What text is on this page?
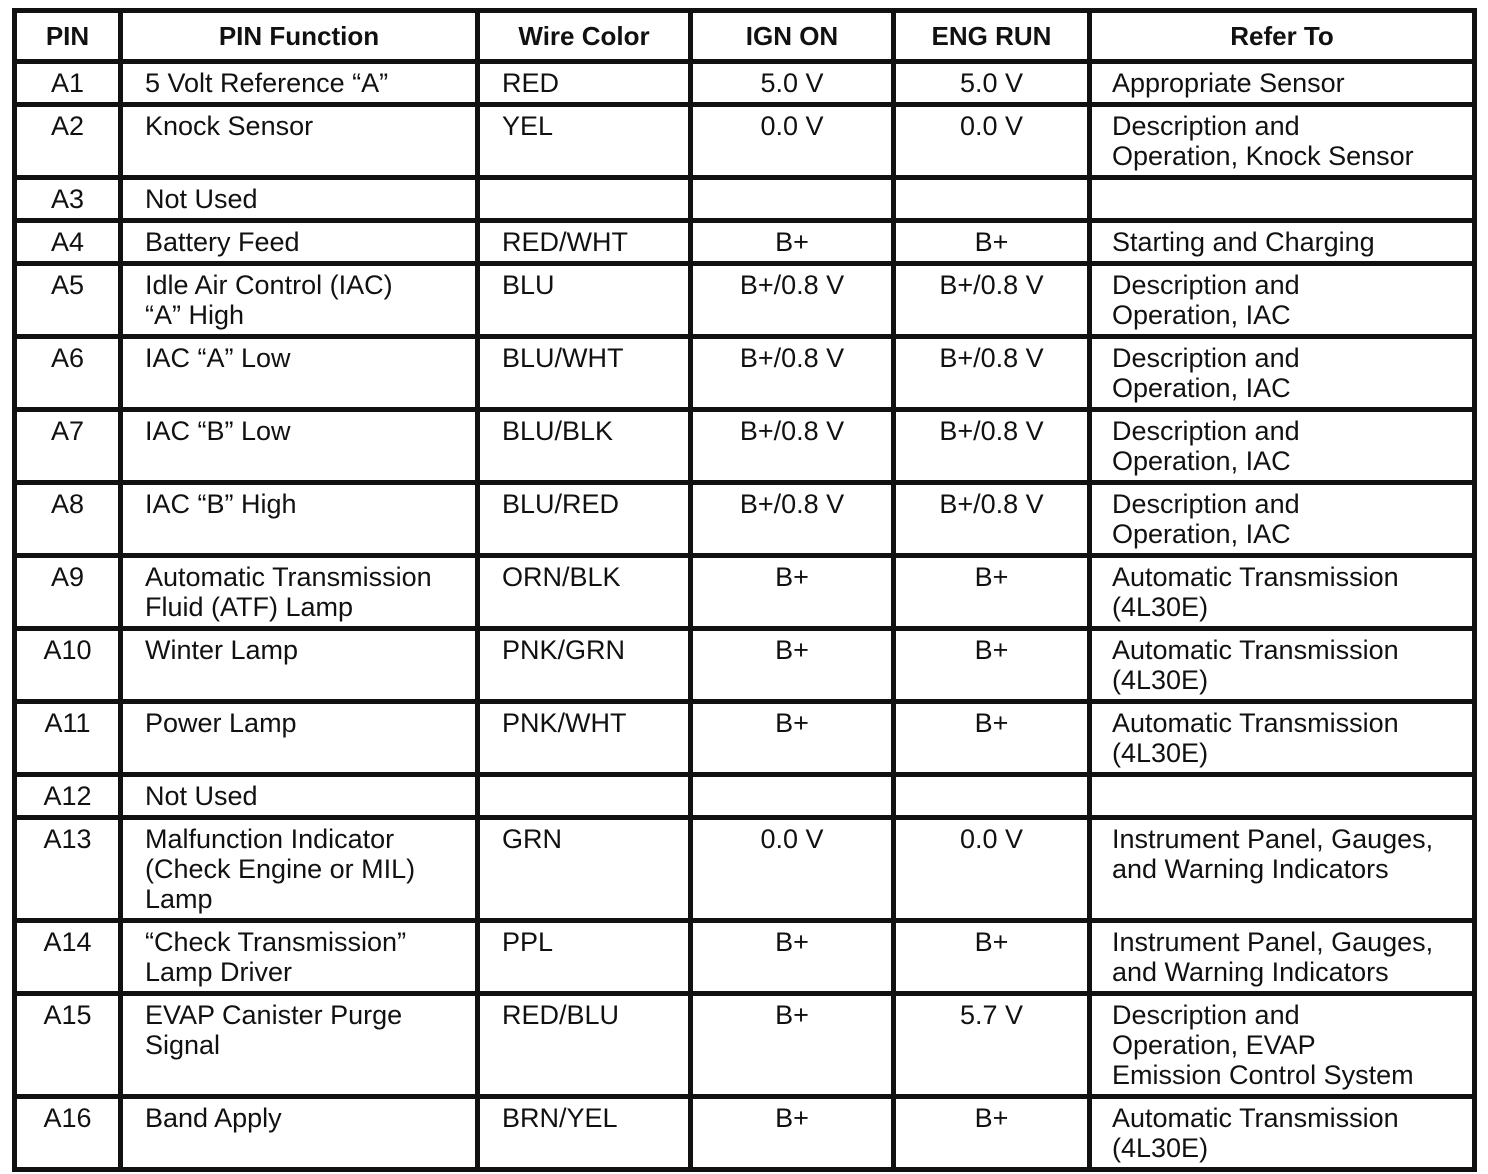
PIN	PIN Function	Wire Color	IGN ON	ENG RUN	Refer To

A1	5 Volt Reference “A”	RED	5.0 V	5.0 V	Appropriate Sensor

A2	Knock Sensor	YEL	0.0 V	0.0 V	Description and
Operation, Knock Sensor

A3	Not Used				

A4	Battery Feed	RED/WHT	B+	B+	Starting and Charging

A5	Idle Air Control (IAC)
“A” High	BLU	B+/0.8 V	B+/0.8 V	Description and
Operation, IAC

A6	IAC “A” Low	BLU/WHT	B+/0.8 V	B+/0.8 V	Description and
Operation, IAC

A7	IAC “B” Low	BLU/BLK	B+/0.8 V	B+/0.8 V	Description and
Operation, IAC

A8	IAC “B” High	BLU/RED	B+/0.8 V	B+/0.8 V	Description and
Operation, IAC

A9	Automatic Transmission
Fluid (ATF) Lamp	ORN/BLK	B+	B+	Automatic Transmission
(4L30E)

A10	Winter Lamp	PNK/GRN	B+	B+	Automatic Transmission
(4L30E)

A11	Power Lamp	PNK/WHT	B+	B+	Automatic Transmission
(4L30E)

A12	Not Used				

A13	Malfunction Indicator
(Check Engine or MIL)
Lamp	GRN	0.0 V	0.0 V	Instrument Panel, Gauges,
and Warning Indicators

A14	“Check Transmission”
Lamp Driver	PPL	B+	B+	Instrument Panel, Gauges,
and Warning Indicators

A15	EVAP Canister Purge
Signal	RED/BLU	B+	5.7 V	Description and
Operation, EVAP
Emission Control System

A16	Band Apply	BRN/YEL	B+	B+	Automatic Transmission
(4L30E)
